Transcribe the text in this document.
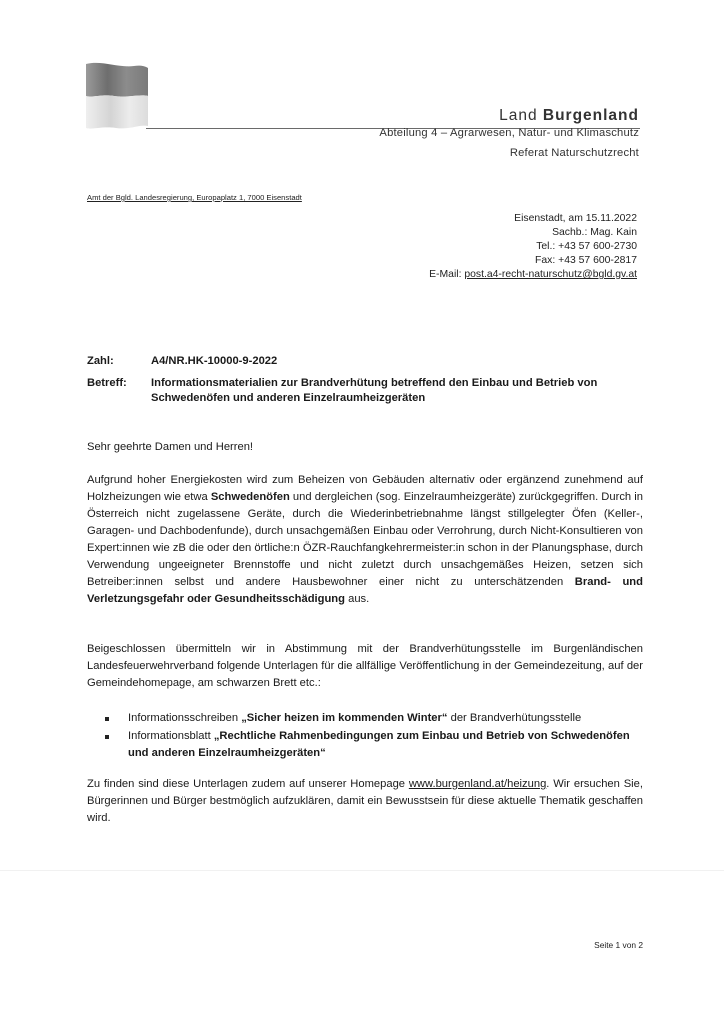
Land Burgenland
Abteilung 4 – Agrarwesen, Natur- und Klimaschutz
Referat Naturschutzrecht
Amt der Bgld. Landesregierung, Europaplatz 1, 7000 Eisenstadt
Eisenstadt, am 15.11.2022
Sachb.: Mag. Kain
Tel.: +43 57 600-2730
Fax: +43 57 600-2817
E-Mail: post.a4-recht-naturschutz@bgld.gv.at
Zahl:	A4/NR.HK-10000-9-2022
Betreff:	Informationsmaterialien zur Brandverhütung betreffend den Einbau und Betrieb von Schwedenöfen und anderen Einzelraumheizgeräten
Sehr geehrte Damen und Herren!
Aufgrund hoher Energiekosten wird zum Beheizen von Gebäuden alternativ oder ergänzend zunehmend auf Holzheizungen wie etwa Schwedenöfen und dergleichen (sog. Einzelraumheizgeräte) zurückgegriffen. Durch in Österreich nicht zugelassene Geräte, durch die Wiederinbetriebnahme längst stillgelegter Öfen (Keller-, Garagen- und Dachbodenfunde), durch unsachgemäßen Einbau oder Verrohrung, durch Nicht-Konsultieren von Expert:innen wie zB die oder den örtliche:n ÖZR-Rauchfangkehrermeister:in schon in der Planungsphase, durch Verwendung ungeeigneter Brennstoffe und nicht zuletzt durch unsachgemäßes Heizen, setzen sich Betreiber:innen selbst und andere Hausbewohner einer nicht zu unterschätzenden Brand- und Verletzungsgefahr oder Gesundheitsschädigung aus.
Beigeschlossen übermitteln wir in Abstimmung mit der Brandverhütungsstelle im Burgenländischen Landesfeuerwehrverband folgende Unterlagen für die allfällige Veröffentlichung in der Gemeindezeitung, auf der Gemeindehomepage, am schwarzen Brett etc.:
Informationsschreiben „Sicher heizen im kommenden Winter“ der Brandverhütungsstelle
Informationsblatt „Rechtliche Rahmenbedingungen zum Einbau und Betrieb von Schwedenöfen und anderen Einzelraumheizgeräten“
Zu finden sind diese Unterlagen zudem auf unserer Homepage www.burgenland.at/heizung. Wir ersuchen Sie, Bürgerinnen und Bürger bestmöglich aufzuklären, damit ein Bewusstsein für diese aktuelle Thematik geschaffen wird.
Seite 1 von 2
